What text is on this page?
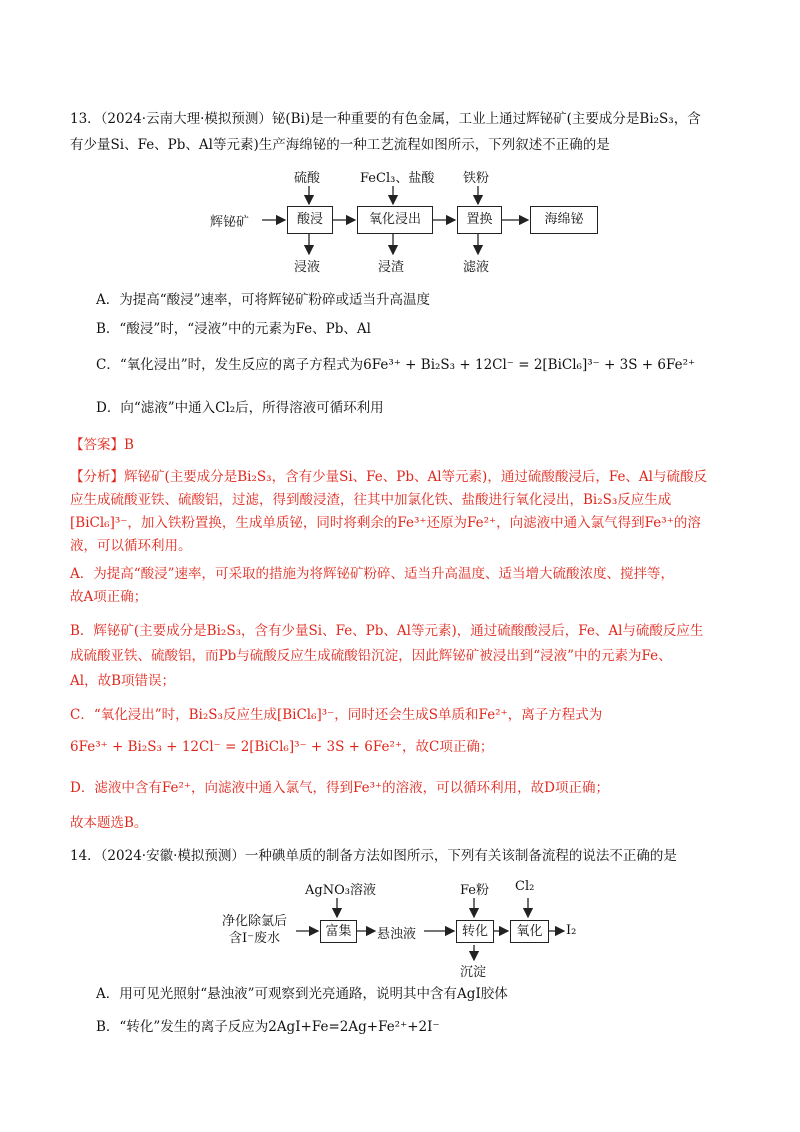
13．（2024·云南大理·模拟预测）铋(Bi)是一种重要的有色金属，工业上通过辉铋矿(主要成分是Bi₂S₃，含
有少量Si、Fe、Pb、Al等元素)生产海绵铋的一种工艺流程如图所示，下列叙述不正确的是
辉铋矿	酸浸	氧化浸出	置换	海绵铋
硫酸	FeCl₃、盐酸 铁粉
浸液	浸渣	滤液
A．为提高“酸浸”速率，可将辉铋矿粉碎或适当升高温度
B．“酸浸”时，“浸液”中的元素为Fe、Pb、Al
C．“氧化浸出”时，发生反应的离子方程式为6Fe³⁺ + Bi₂S₃ + 12Cl⁻ = 2[BiCl₆]³⁻ + 3S + 6Fe²⁺
D．向“滤液”中通入Cl₂后，所得溶液可循环利用
【答案】B
【分析】辉铋矿(主要成分是Bi₂S₃，含有少量Si、Fe、Pb、Al等元素)，通过硫酸酸浸后，Fe、Al与硫酸反
应生成硫酸亚铁、硫酸铝，过滤，得到酸浸渣，往其中加氯化铁、盐酸进行氧化浸出，Bi₂S₃反应生成
[BiCl₆]³⁻，加入铁粉置换，生成单质铋，同时将剩余的Fe³⁺还原为Fe²⁺，向滤液中通入氯气得到Fe³⁺的溶
液，可以循环利用。
A．为提高“酸浸”速率，可采取的措施为将辉铋矿粉碎、适当升高温度、适当增大硫酸浓度、搅拌等，
故A项正确；
B．辉铋矿(主要成分是Bi₂S₃，含有少量Si、Fe、Pb、Al等元素)，通过硫酸酸浸后，Fe、Al与硫酸反应生
成硫酸亚铁、硫酸铝，而Pb与硫酸反应生成硫酸铅沉淀，因此辉铋矿被浸出到“浸液”中的元素为Fe、
Al，故B项错误；
C．“氧化浸出”时，Bi₂S₃反应生成[BiCl₆]³⁻，同时还会生成S单质和Fe²⁺，离子方程式为
6Fe³⁺ + Bi₂S₃ + 12Cl⁻ = 2[BiCl₆]³⁻ + 3S + 6Fe²⁺，故C项正确；
D．滤液中含有Fe²⁺，向滤液中通入氯气，得到Fe³⁺的溶液，可以循环利用，故D项正确；
故本题选B。
14．（2024·安徽·模拟预测）一种碘单质的制备方法如图所示，下列有关该制备流程的说法不正确的是
净化除氯后
含I⁻废水	富集	转化	氧化
悬浊液	I₂
AgNO₃溶液	Fe粉 Cl₂
沉淀
A．用可见光照射“悬浊液”可观察到光亮通路，说明其中含有AgI胶体
B．“转化”发生的离子反应为2AgI+Fe=2Ag+Fe²⁺+2I⁻
